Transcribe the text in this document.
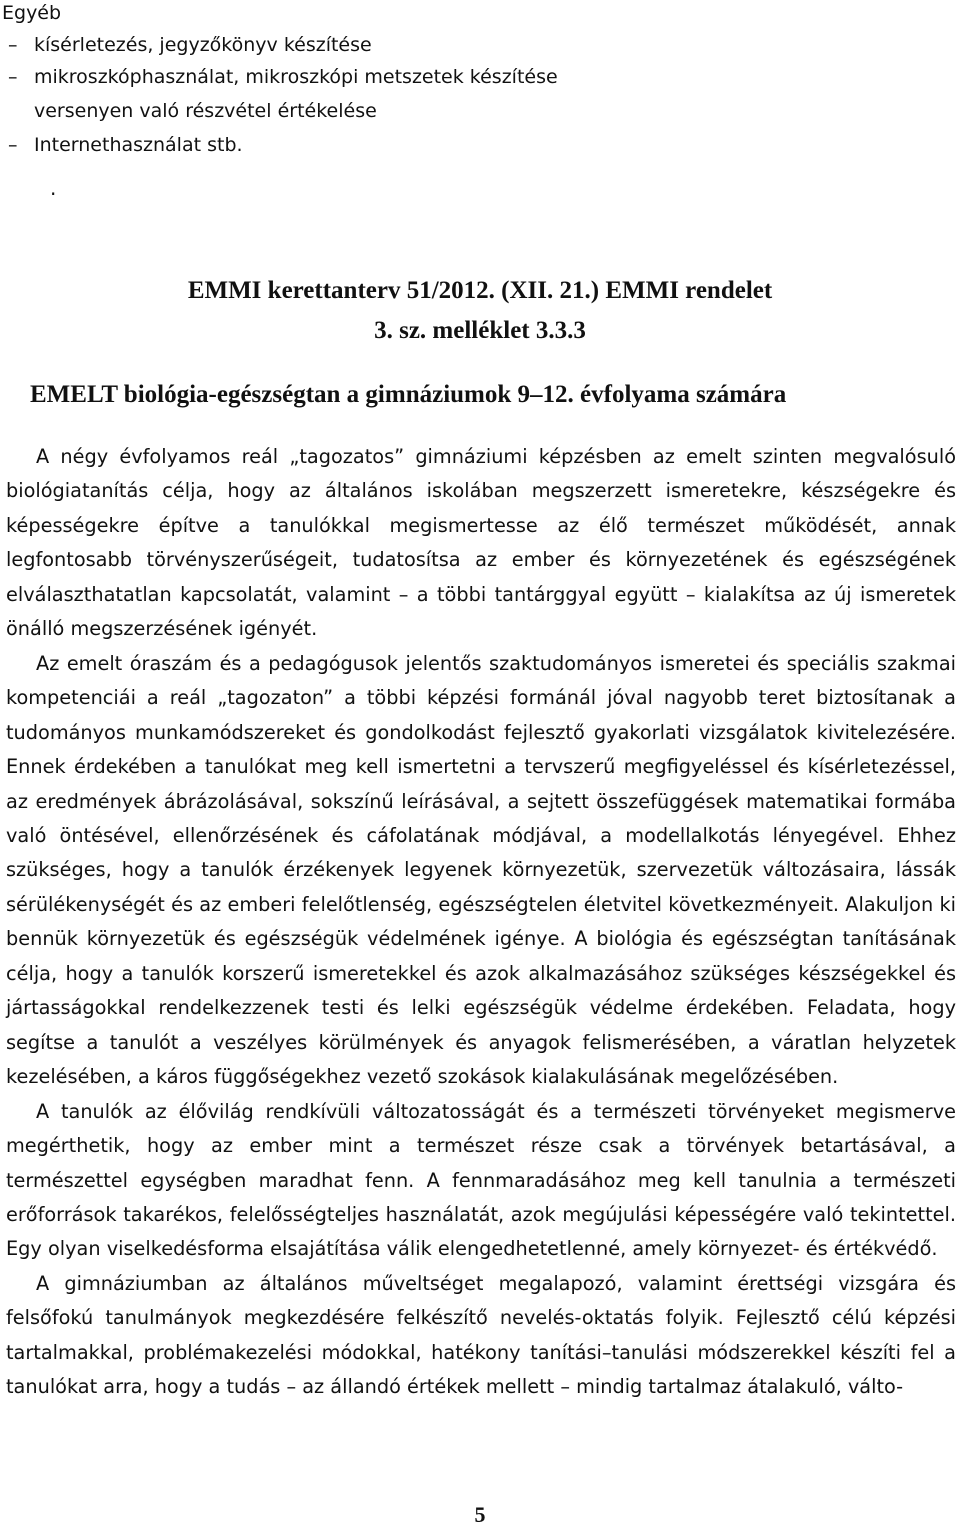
Egyéb
– kísérletezés, jegyzőkönyv készítése
– mikroszkóphasználat, mikroszkópi metszetek készítése
versenyen való részvétel értékelése
– Internethasználat stb.
.
EMMI kerettanterv 51/2012. (XII. 21.) EMMI rendelet
3. sz. melléklet 3.3.3
EMELT biológia-egészségtan a gimnáziumok 9–12. évfolyama számára

A négy évfolyamos reál „tagozatos” gimnáziumi képzésben az emelt szinten megvalósuló biológiatanítás célja, hogy az általános iskolában megszerzett ismeretekre, készségekre és képességekre építve a tanulókkal megismertesse az élő természet működését, annak legfontosabb törvényszerűségeit, tudatosítsa az ember és környezetének és egészségének elválaszthatatlan kapcsolatát, valamint – a többi tantárggyal együtt – kialakítsa az új ismeretek önálló megszerzésének igényét.

Az emelt óraszám és a pedagógusok jelentős szaktudományos ismeretei és speciális szakmai kompetenciái a reál „tagozaton” a többi képzési formánál jóval nagyobb teret biztosítanak a tudományos munkamódszereket és gondolkodást fejlesztő gyakorlati vizsgálatok kivitelezésére. Ennek érdekében a tanulókat meg kell ismertetni a tervszerű megfigyeléssel és kísérletezéssel, az eredmények ábrázolásával, sokszínű leírásával, a sejtett összefüggések matematikai formába való öntésével, ellenőrzésének és cáfolatának módjával, a modellalkotás lényegével. Ehhez szükséges, hogy a tanulók érzékenyek legyenek környezetük, szervezetük változásaira, lássák sérülékenységét és az emberi felelőtlenség, egészségtelen életvitel következményeit. Alakuljon ki bennük környezetük és egészségük védelmének igénye. A biológia és egészségtan tanításának célja, hogy a tanulók korszerű ismeretekkel és azok alkalmazásához szükséges készségekkel és jártasságokkal rendelkezzenek testi és lelki egészségük védelme érdekében. Feladata, hogy segítse a tanulót a veszélyes körülmények és anyagok felismerésében, a váratlan helyzetek kezelésében, a káros függőségekhez vezető szokások kialakulásának megelőzésében.

A tanulók az élővilág rendkívüli változatosságát és a természeti törvényeket megismerve megérthetik, hogy az ember mint a természet része csak a törvények betartásával, a természettel egységben maradhat fenn. A fennmaradásához meg kell tanulnia a természeti erőforrások takarékos, felelősségteljes használatát, azok megújulási képességére való tekintettel. Egy olyan viselkedésforma elsajátítása válik elengedhetetlenné, amely környezet- és értékvédő.

A gimnáziumban az általános műveltséget megalapozó, valamint érettségi vizsgára és felsőfokú tanulmányok megkezdésére felkészítő nevelés-oktatás folyik. Fejlesztő célú képzési tartalmakkal, problémakezelési módokkal, hatékony tanítási–tanulási módszerekkel készíti fel a tanulókat arra, hogy a tudás – az állandó értékek mellett – mindig tartalmaz átalakuló, válto-

5
